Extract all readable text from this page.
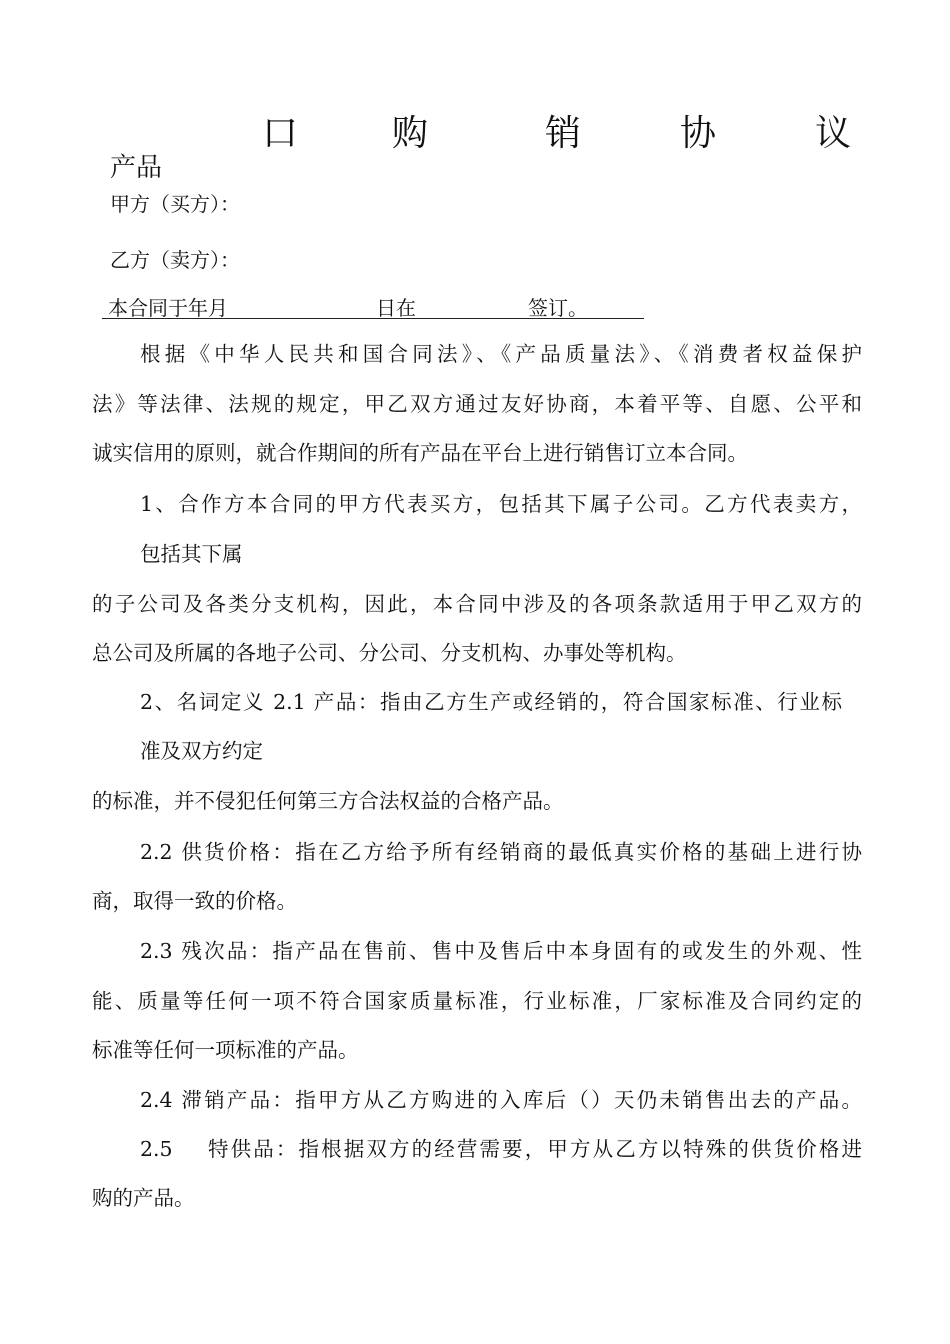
口	购	销	协	议
产品
甲方（买方）：
乙方（卖方）：
本合同于年月	日在	签订。
根据《中华人民共和国合同法》、《产品质量法》、《消费者权益保护
法》等法律、法规的规定，甲乙双方通过友好协商，本着平等、自愿、公平和
诚实信用的原则，就合作期间的所有产品在平台上进行销售订立本合同。
1、合作方本合同的甲方代表买方，包括其下属子公司。乙方代表卖方，
包括其下属
的子公司及各类分支机构，因此，本合同中涉及的各项条款适用于甲乙双方的
总公司及所属的各地子公司、分公司、分支机构、办事处等机构。
2、名词定义 2.1 产品：指由乙方生产或经销的，符合国家标准、行业标
准及双方约定
的标准，并不侵犯任何第三方合法权益的合格产品。
2.2 供货价格：指在乙方给予所有经销商的最低真实价格的基础上进行协
商，取得一致的价格。
2.3 残次品：指产品在售前、售中及售后中本身固有的或发生的外观、性
能、质量等任何一项不符合国家质量标准，行业标准，厂家标准及合同约定的
标准等任何一项标准的产品。
2.4 滞销产品：指甲方从乙方购进的入库后（）天仍未销售出去的产品。
2.5	特供品：指根据双方的经营需要，甲方从乙方以特殊的供货价格进
购的产品。
